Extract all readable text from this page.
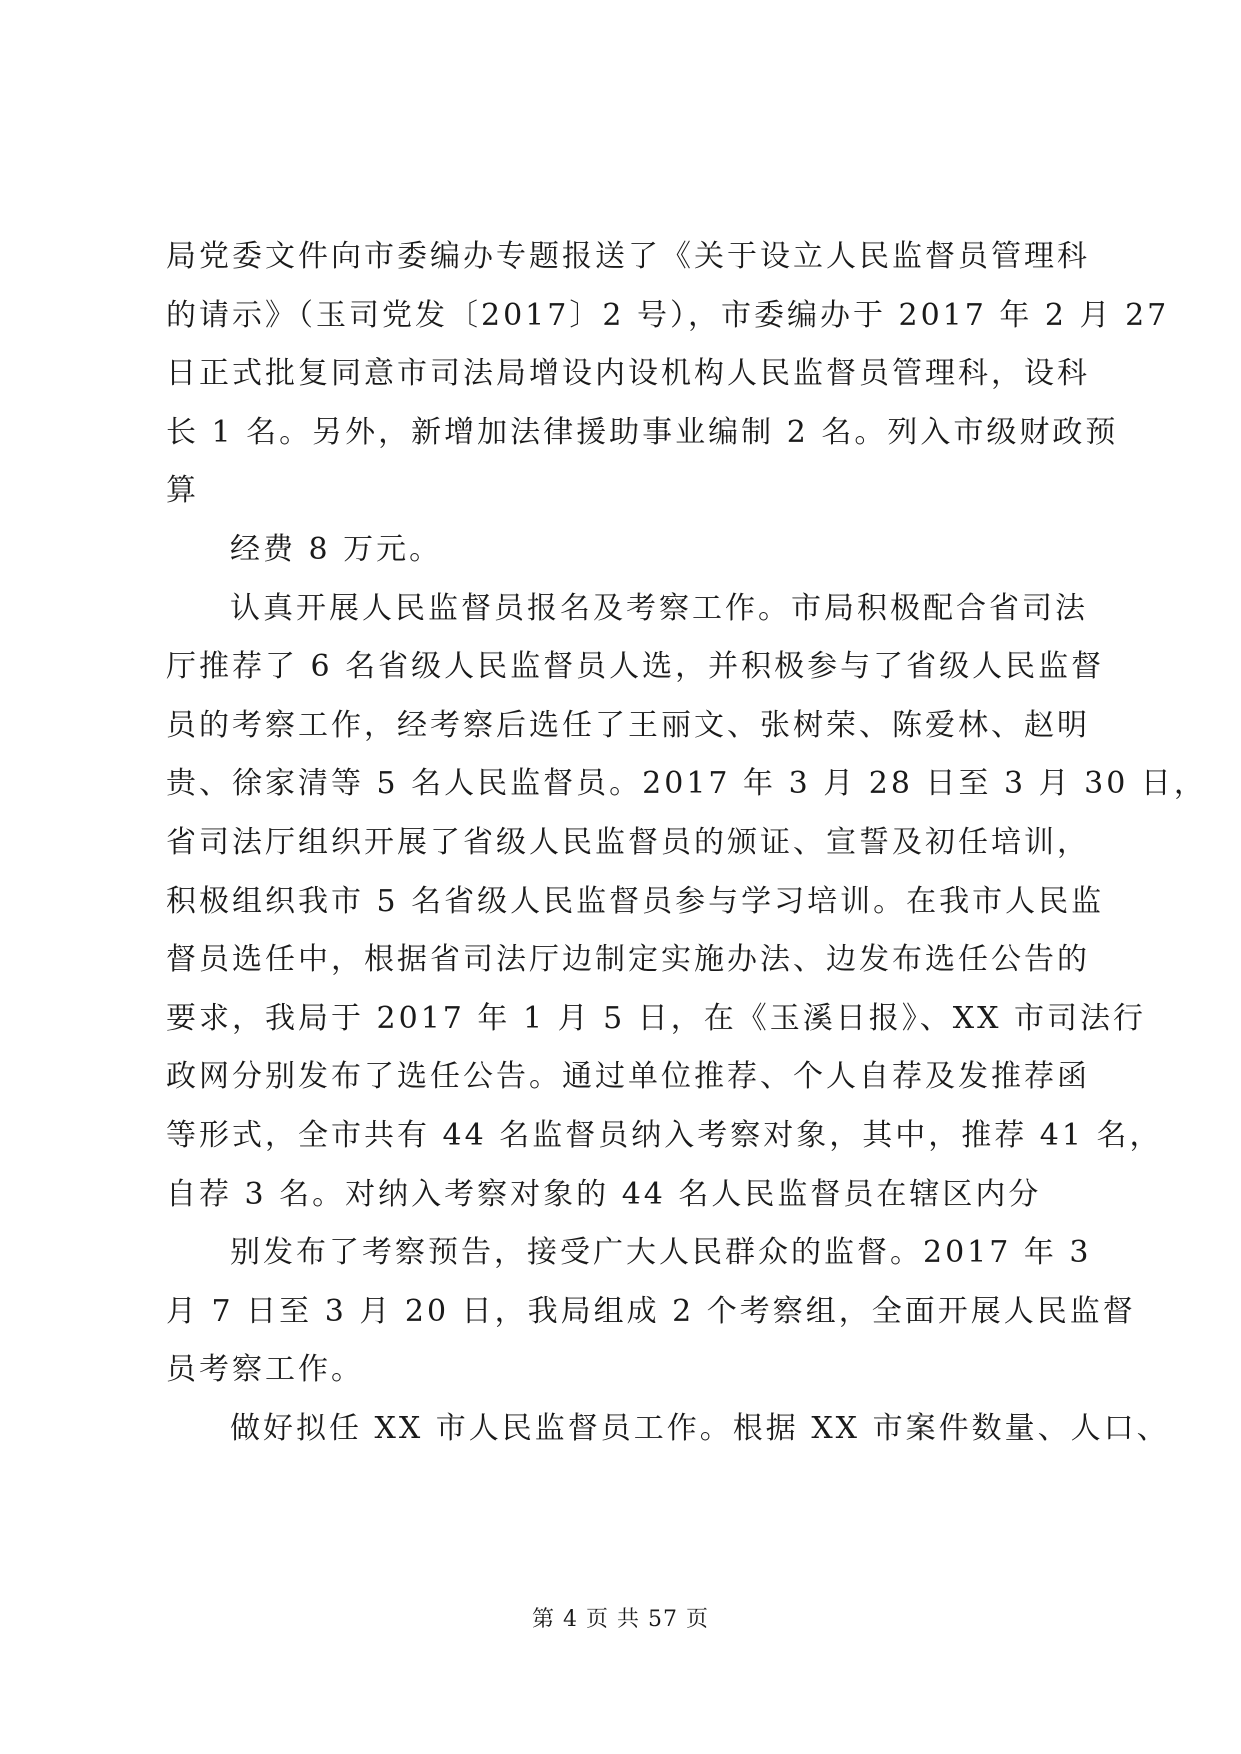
局党委文件向市委编办专题报送了《关于设立人民监督员管理科
的请示》（玉司党发〔2017〕2 号），市委编办于 2017 年 2 月 27
日正式批复同意市司法局增设内设机构人民监督员管理科，设科
长 1 名。另外，新增加法律援助事业编制 2 名。列入市级财政预
算
经费 8 万元。
认真开展人民监督员报名及考察工作。市局积极配合省司法
厅推荐了 6 名省级人民监督员人选，并积极参与了省级人民监督
员的考察工作，经考察后选任了王丽文、张树荣、陈爱林、赵明
贵、徐家清等 5 名人民监督员。2017 年 3 月 28 日至 3 月 30 日，
省司法厅组织开展了省级人民监督员的颁证、宣誓及初任培训，
积极组织我市 5 名省级人民监督员参与学习培训。在我市人民监
督员选任中，根据省司法厅边制定实施办法、边发布选任公告的
要求，我局于 2017 年 1 月 5 日，在《玉溪日报》、XX 市司法行
政网分别发布了选任公告。通过单位推荐、个人自荐及发推荐函
等形式，全市共有 44 名监督员纳入考察对象，其中，推荐 41 名，
自荐 3 名。对纳入考察对象的 44 名人民监督员在辖区内分
别发布了考察预告，接受广大人民群众的监督。2017 年 3
月 7 日至 3 月 20 日，我局组成 2 个考察组，全面开展人民监督
员考察工作。
做好拟任 XX 市人民监督员工作。根据 XX 市案件数量、人口、
第 4 页 共 57 页
